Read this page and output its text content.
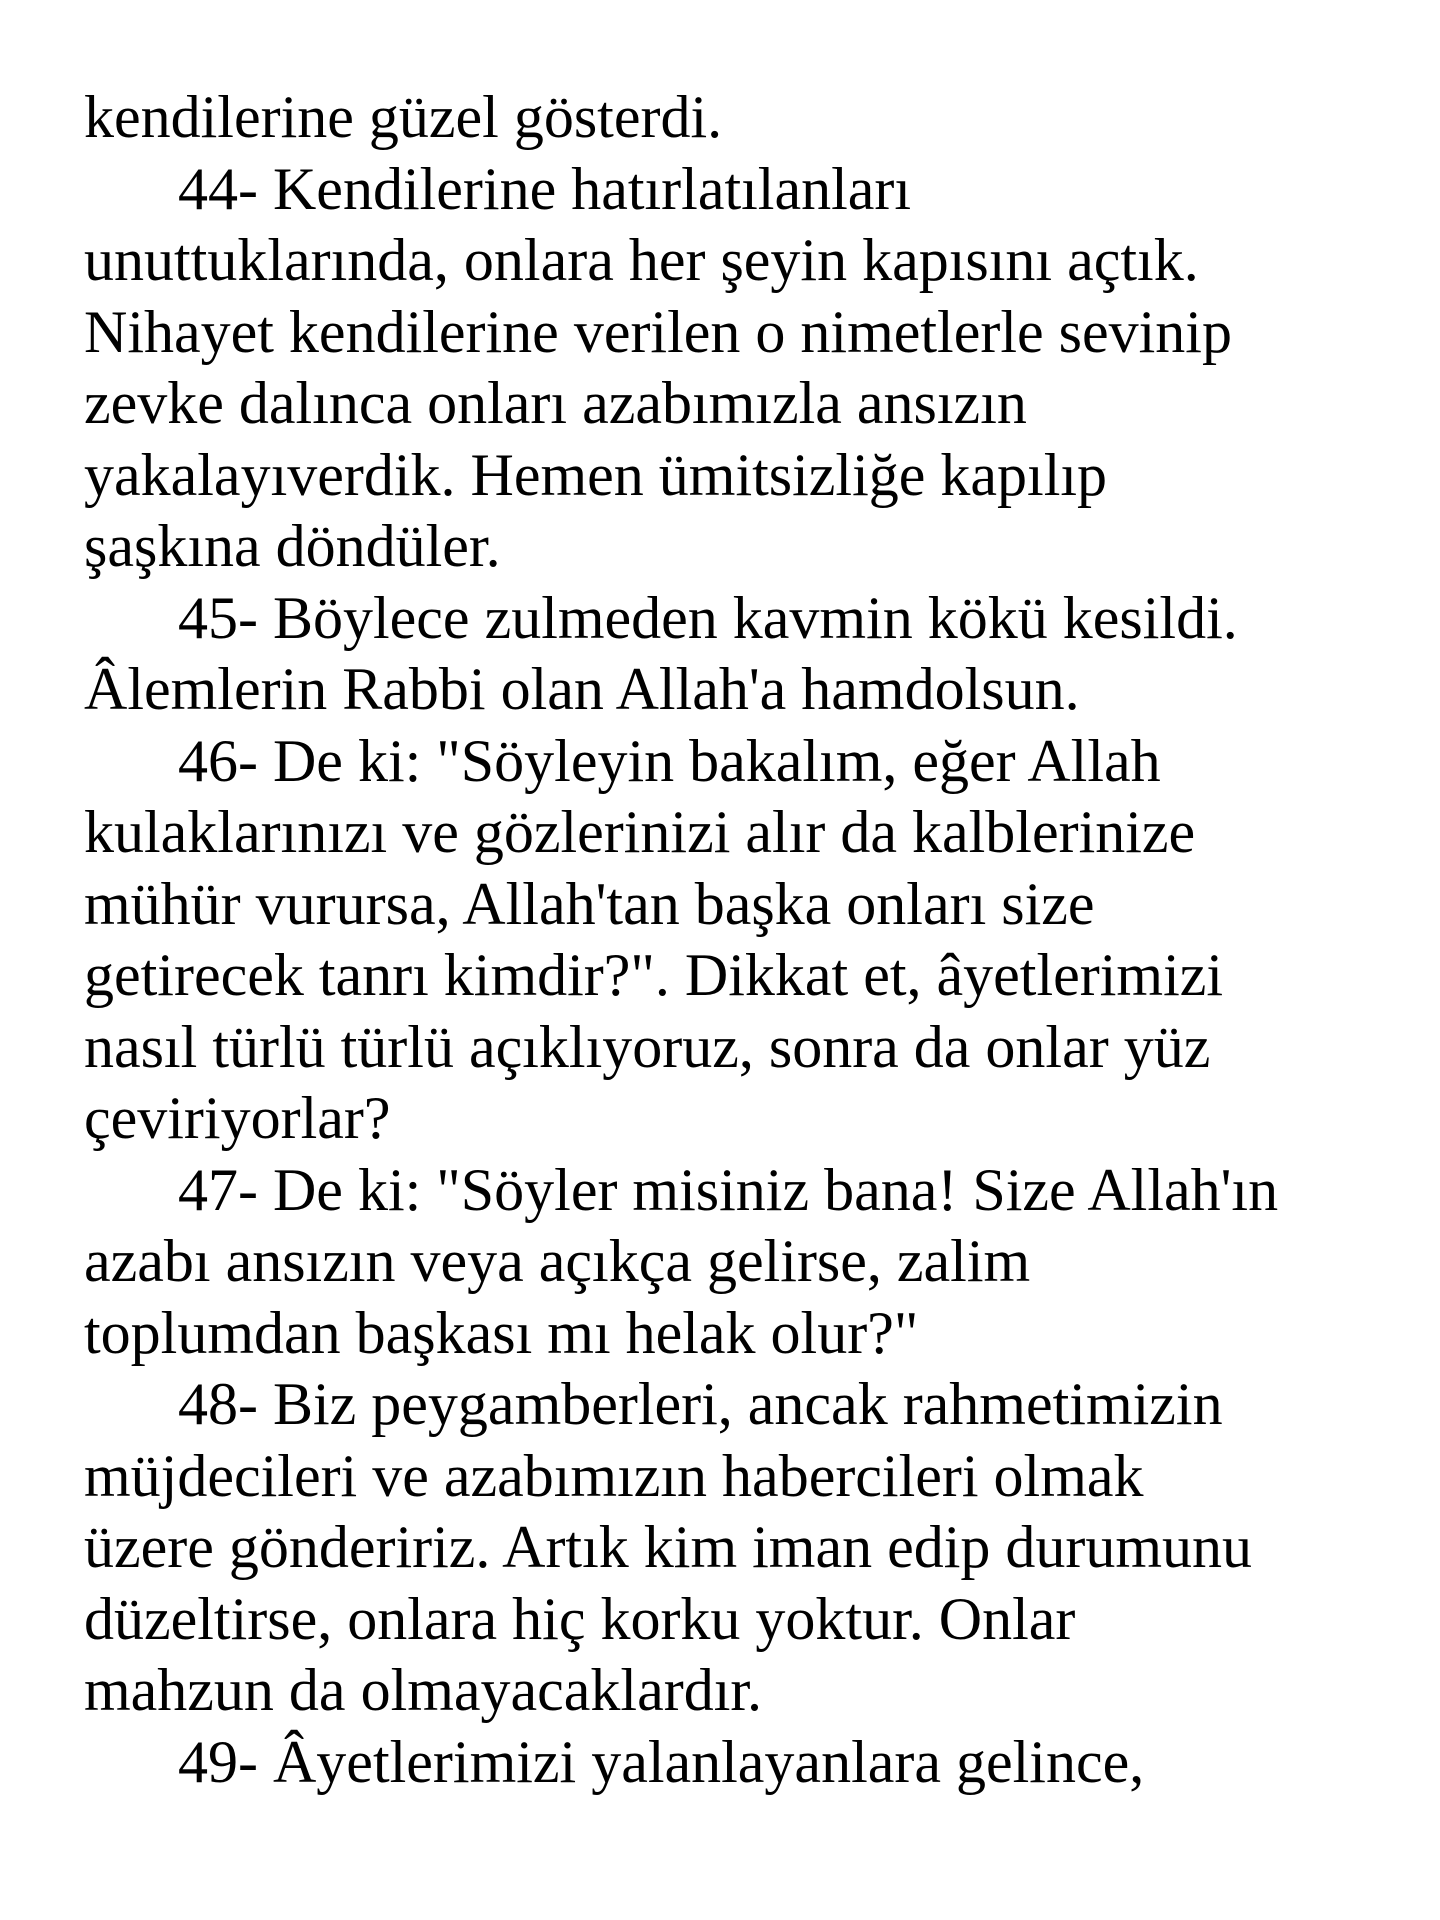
kendilerine güzel gösterdi.
44- Kendilerine hatırlatılanları
unuttuklarında, onlara her şeyin kapısını açtık.
Nihayet kendilerine verilen o nimetlerle sevinip
zevke dalınca onları azabımızla ansızın
yakalayıverdik. Hemen ümitsizliğe kapılıp
şaşkına döndüler.
45- Böylece zulmeden kavmin kökü kesildi.
Âlemlerin Rabbi olan Allah'a hamdolsun.
46- De ki: "Söyleyin bakalım, eğer Allah
kulaklarınızı ve gözlerinizi alır da kalblerinize
mühür vurursa, Allah'tan başka onları size
getirecek tanrı kimdir?". Dikkat et, âyetlerimizi
nasıl türlü türlü açıklıyoruz, sonra da onlar yüz
çeviriyorlar?
47- De ki: "Söyler misiniz bana! Size Allah'ın
azabı ansızın veya açıkça gelirse, zalim
toplumdan başkası mı helak olur?"
48- Biz peygamberleri, ancak rahmetimizin
müjdecileri ve azabımızın habercileri olmak
üzere göndeririz. Artık kim iman edip durumunu
düzeltirse, onlara hiç korku yoktur. Onlar
mahzun da olmayacaklardır.
49- Âyetlerimizi yalanlayanlara gelince,
